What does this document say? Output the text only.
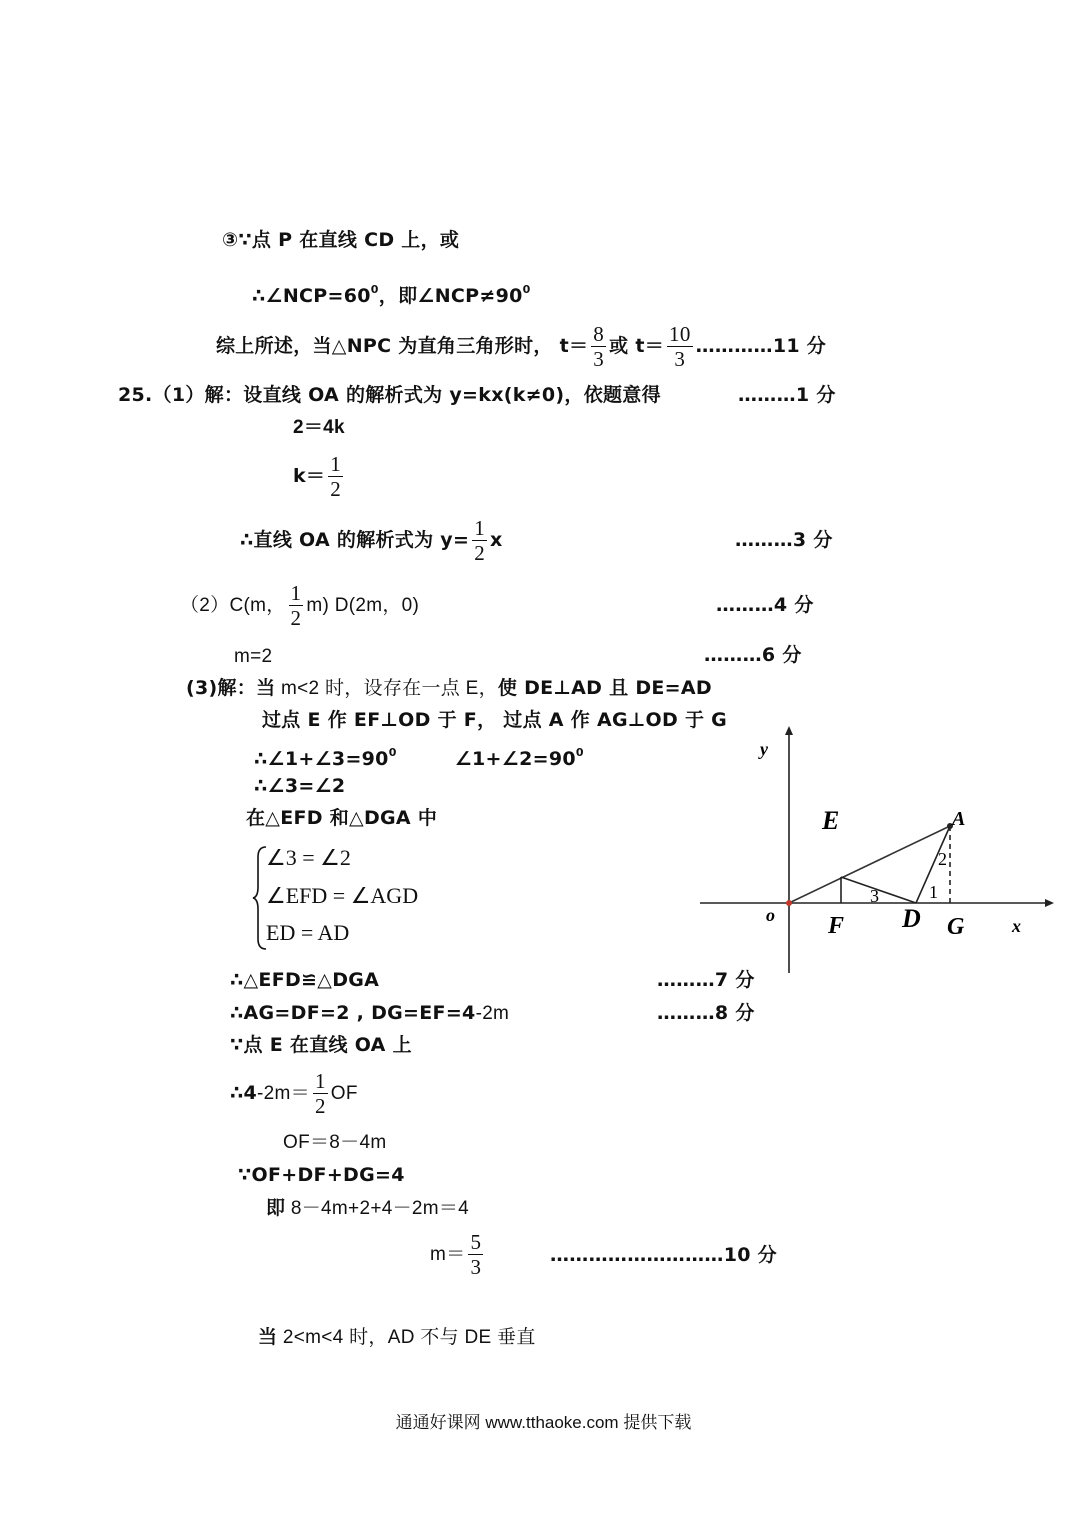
③∵点 P 在直线 CD 上，或
$\therefore\angle NCP=60^0$，即$\angle NCP\ne 90^0$
综上所述，当△NPC 为直角三角形时， $t= \frac{8}{3}$ 或 $t= \frac{10}{3}$ …………11 分
25.（1）解：设直线 OA 的解析式为 y=kx(k≠0)，依题意得	………1 分
2＝4k
$k= \frac{1}{2}$
∴直线 OA 的解析式为 $y= \frac{1}{2}$ x	………3 分
（2）C(m， $\frac{1}{2} m$) D(2m，0)	………4 分
m=2	………6 分
(3)解：当 m<2 时，设存在一点 E，使 DE⊥AD 且 DE=AD
过点 E 作 EF⊥OD 于 F， 过点 A 作 AG⊥OD 于 G
$\therefore\angle 1+\angle 3=90^0$	$\angle 1+\angle 2=90^0$
∴∠3=∠2
在△EFD 和△DGA 中
∠3 = ∠2
∠EFD = ∠AGD
ED = AD
∴△EFD≌△DGA	………7 分
∴AG=DF=2 , DG=EF=4-2m	………8 分
∵点 E 在直线 OA 上
∴4-2m＝ $\frac{1}{2}$ OF
OF＝8－4m
∵OF+DF+DG=4
即 8－4m+2+4－2m＝4
$m= \frac{5}{3}$	………………………10 分
当 2<m<4 时，AD 不与 DE 垂直
y
x
o
E	A
F D G
1
2
3
通通好课网 www.tthaoke.com 提供下载
